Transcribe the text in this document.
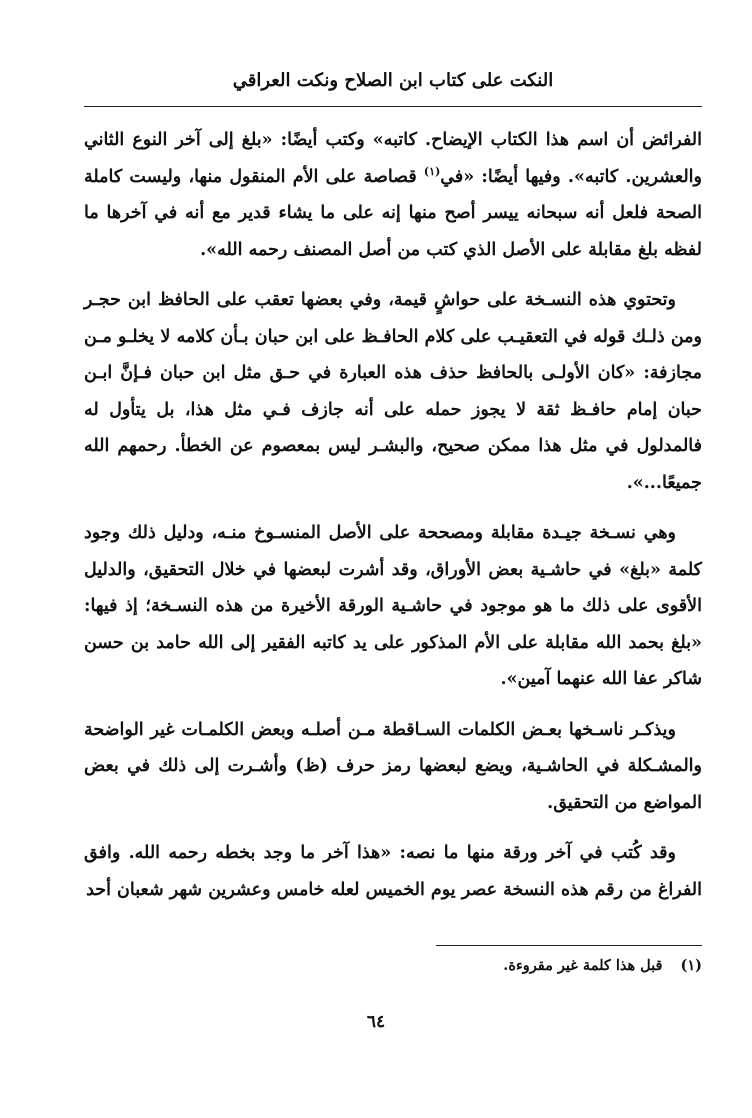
النكت على كتاب ابن الصلاح ونكت العراقي

الفرائض أن اسم هذا الكتاب الإيضاح. كاتبه» وكتب أيضًا: «بلغ إلى آخر النوع الثاني والعشرين. كاتبه». وفيها أيضًا: «في$^{(١)}$ قصاصة على الأم المنقول منها، وليست كاملة الصحة فلعل أنه سبحانه ييسر أصح منها إنه على ما يشاء قدير مع أنه في آخرها ما لفظه بلغ مقابلة على الأصل الذي كتب من أصل المصنف رحمه الله».

وتحتوي هذه النسـخة على حواشٍ قيمة، وفي بعضها تعقب على الحافظ ابن حجـر ومن ذلـك قوله في التعقيـب على كلام الحافـظ على ابن حبان بـأن كلامه لا يخلـو مـن مجازفة: «كان الأولـى بالحافظ حذف هذه العبارة في حـق مثل ابن حبان فـإنَّ ابـن حبان إمام حافـظ ثقة لا يجوز حمله على أنه جازف فـي مثل هذا، بل يتأول له فالمدلول في مثل هذا ممكن صحيح، والبشـر ليس بمعصوم عن الخطأ. رحمهم الله جميعًا...».

وهي نسـخة جيـدة مقابلة ومصححة على الأصل المنسـوخ منـه، ودليل ذلك وجود كلمة «بلغ» في حاشـية بعض الأوراق، وقد أشرت لبعضها في خلال التحقيق، والدليل الأقوى على ذلك ما هو موجود في حاشـية الورقة الأخيرة من هذه النسـخة؛ إذ فيها: «بلغ بحمد الله مقابلة على الأم المذكور على يد كاتبه الفقير إلى الله حامد بن حسن شاكر عفا الله عنهما آمين».

ويذكـر ناسـخها بعـض الكلمات السـاقطة مـن أصلـه وبعض الكلمـات غير الواضحة والمشـكلة في الحاشـية، ويضع لبعضها رمز حرف (ظ) وأشـرت إلى ذلك في بعض المواضع من التحقيق.

وقد كُتب في آخر ورقة منها ما نصه: «هذا آخر ما وجد بخطه رحمه الله. وافق الفراغ من رقم هذه النسخة عصر يوم الخميس لعله خامس وعشرين شهر شعبان أحد

(١)قبل هذا كلمة غير مقروءة.
٦٤
